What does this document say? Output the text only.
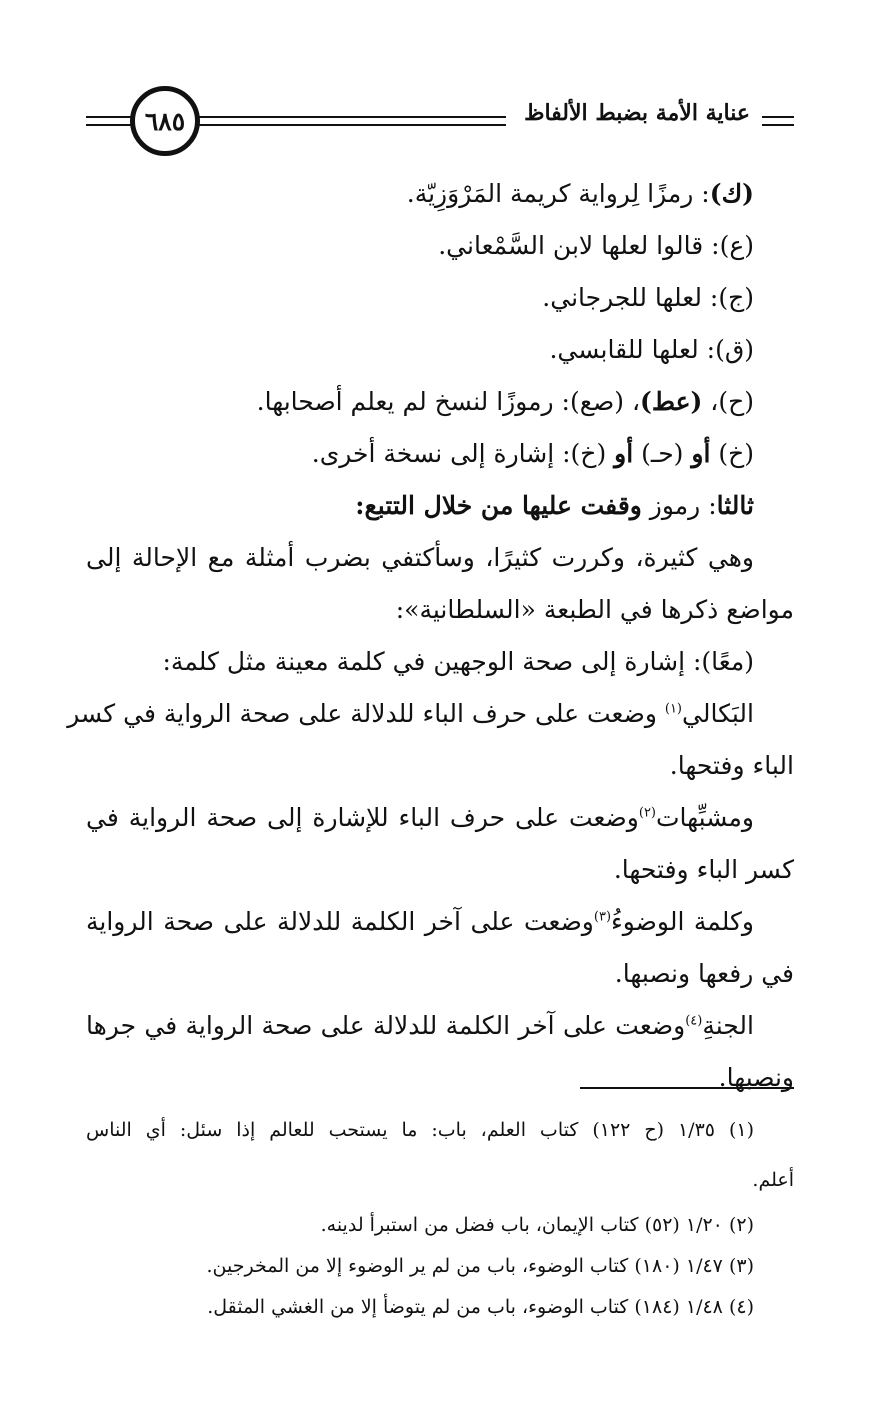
عناية الأمة بضبط الألفاظ
٦٨٥

(ك): رمزًا لِرواية كريمة المَرْوَزِيّة.

(ع): قالوا لعلها لابن السَّمْعاني.

(ج): لعلها للجرجاني.

(ق): لعلها للقابسي.

(ح)، (عط)، (صع): رموزًا لنسخ لم يعلم أصحابها.

(خ) أو (حـ) أو (خ): إشارة إلى نسخة أخرى.

ثالثا: رموز وقفت عليها من خلال التتبع:

وهي كثيرة، وكررت كثيرًا، وسأكتفي بضرب أمثلة مع الإحالة إلى

مواضع ذكرها في الطبعة «السلطانية»:

(معًا): إشارة إلى صحة الوجهين في كلمة معينة مثل كلمة:

البَكالي$^{(١)}$ وضعت على حرف الباء للدلالة على صحة الرواية في كسر

الباء وفتحها.

ومشبِّهات$^{(٢)}$وضعت على حرف الباء للإشارة إلى صحة الرواية في

كسر الباء وفتحها.

وكلمة الوضوءُ$^{(٣)}$وضعت على آخر الكلمة للدلالة على صحة الرواية

في رفعها ونصبها.

الجنةِ$^{(٤)}$وضعت على آخر الكلمة للدلالة على صحة الرواية في جرها

ونصبها.

(١) ١/٣٥ (ح ١٢٢) كتاب العلم، باب: ما يستحب للعالم إذا سئل: أي الناس

أعلم.

(٢) ١/٢٠ (٥٢) كتاب الإيمان، باب فضل من استبرأ لدينه.

(٣) ١/٤٧ (١٨٠) كتاب الوضوء، باب من لم ير الوضوء إلا من المخرجين.

(٤) ١/٤٨ (١٨٤) كتاب الوضوء، باب من لم يتوضأ إلا من الغشي المثقل.
